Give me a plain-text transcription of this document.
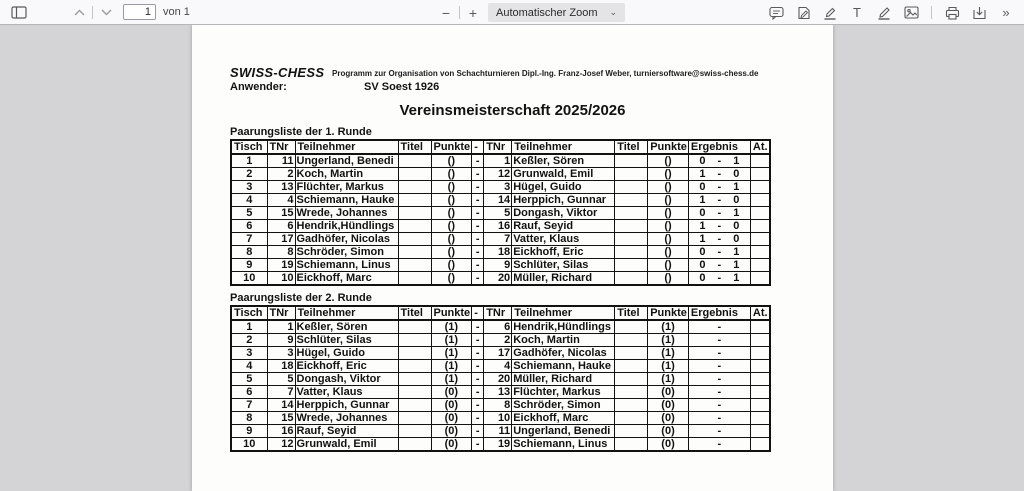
1
von 1	− + Automatischer Zoom ⌄	T	»
SWISS-CHESS Programm zur Organisation von Schachturnieren Dipl.-Ing. Franz-Josef Weber, turniersoftware@swiss-chess.de
Anwender:	SV Soest 1926
Vereinsmeisterschaft 2025/2026
Paarungsliste der 1. Runde
Tisch	TNr	Teilnehmer	Titel	Punkte	-	TNr	Teilnehmer	Titel	Punkte	Ergebnis	At.
1	11	Ungerland, Benedi		()	-	1	Keßler, Sören		()	0 - 1	
2	2	Koch, Martin		()	-	12	Grunwald, Emil		()	1 - 0	
3	13	Flüchter, Markus		()	-	3	Hügel, Guido		()	0 - 1	
4	4	Schiemann, Hauke		()	-	14	Herppich, Gunnar		()	1 - 0	
5	15	Wrede, Johannes		()	-	5	Dongash, Viktor		()	0 - 1	
6	6	Hendrik,Hündlings		()	-	16	Rauf, Seyid		()	1 - 0	
7	17	Gadhöfer, Nicolas		()	-	7	Vatter, Klaus		()	1 - 0	
8	8	Schröder, Simon		()	-	18	Eickhoff, Eric		()	0 - 1	
9	19	Schiemann, Linus		()	-	9	Schlüter, Silas		()	0 - 1	
10	10	Eickhoff, Marc		()	-	20	Müller, Richard		()	0 - 1	
Paarungsliste der 2. Runde
Tisch	TNr	Teilnehmer	Titel	Punkte	-	TNr	Teilnehmer	Titel	Punkte	Ergebnis	At.
1	1	Keßler, Sören		(1)	-	6	Hendrik,Hündlings		(1)	-	
2	9	Schlüter, Silas		(1)	-	2	Koch, Martin		(1)	-	
3	3	Hügel, Guido		(1)	-	17	Gadhöfer, Nicolas		(1)	-	
4	18	Eickhoff, Eric		(1)	-	4	Schiemann, Hauke		(1)	-	
5	5	Dongash, Viktor		(1)	-	20	Müller, Richard		(1)	-	
6	7	Vatter, Klaus		(0)	-	13	Flüchter, Markus		(0)	-	
7	14	Herppich, Gunnar		(0)	-	8	Schröder, Simon		(0)	-	
8	15	Wrede, Johannes		(0)	-	10	Eickhoff, Marc		(0)	-	
9	16	Rauf, Seyid		(0)	-	11	Ungerland, Benedi		(0)	-	
10	12	Grunwald, Emil		(0)	-	19	Schiemann, Linus		(0)	-	
